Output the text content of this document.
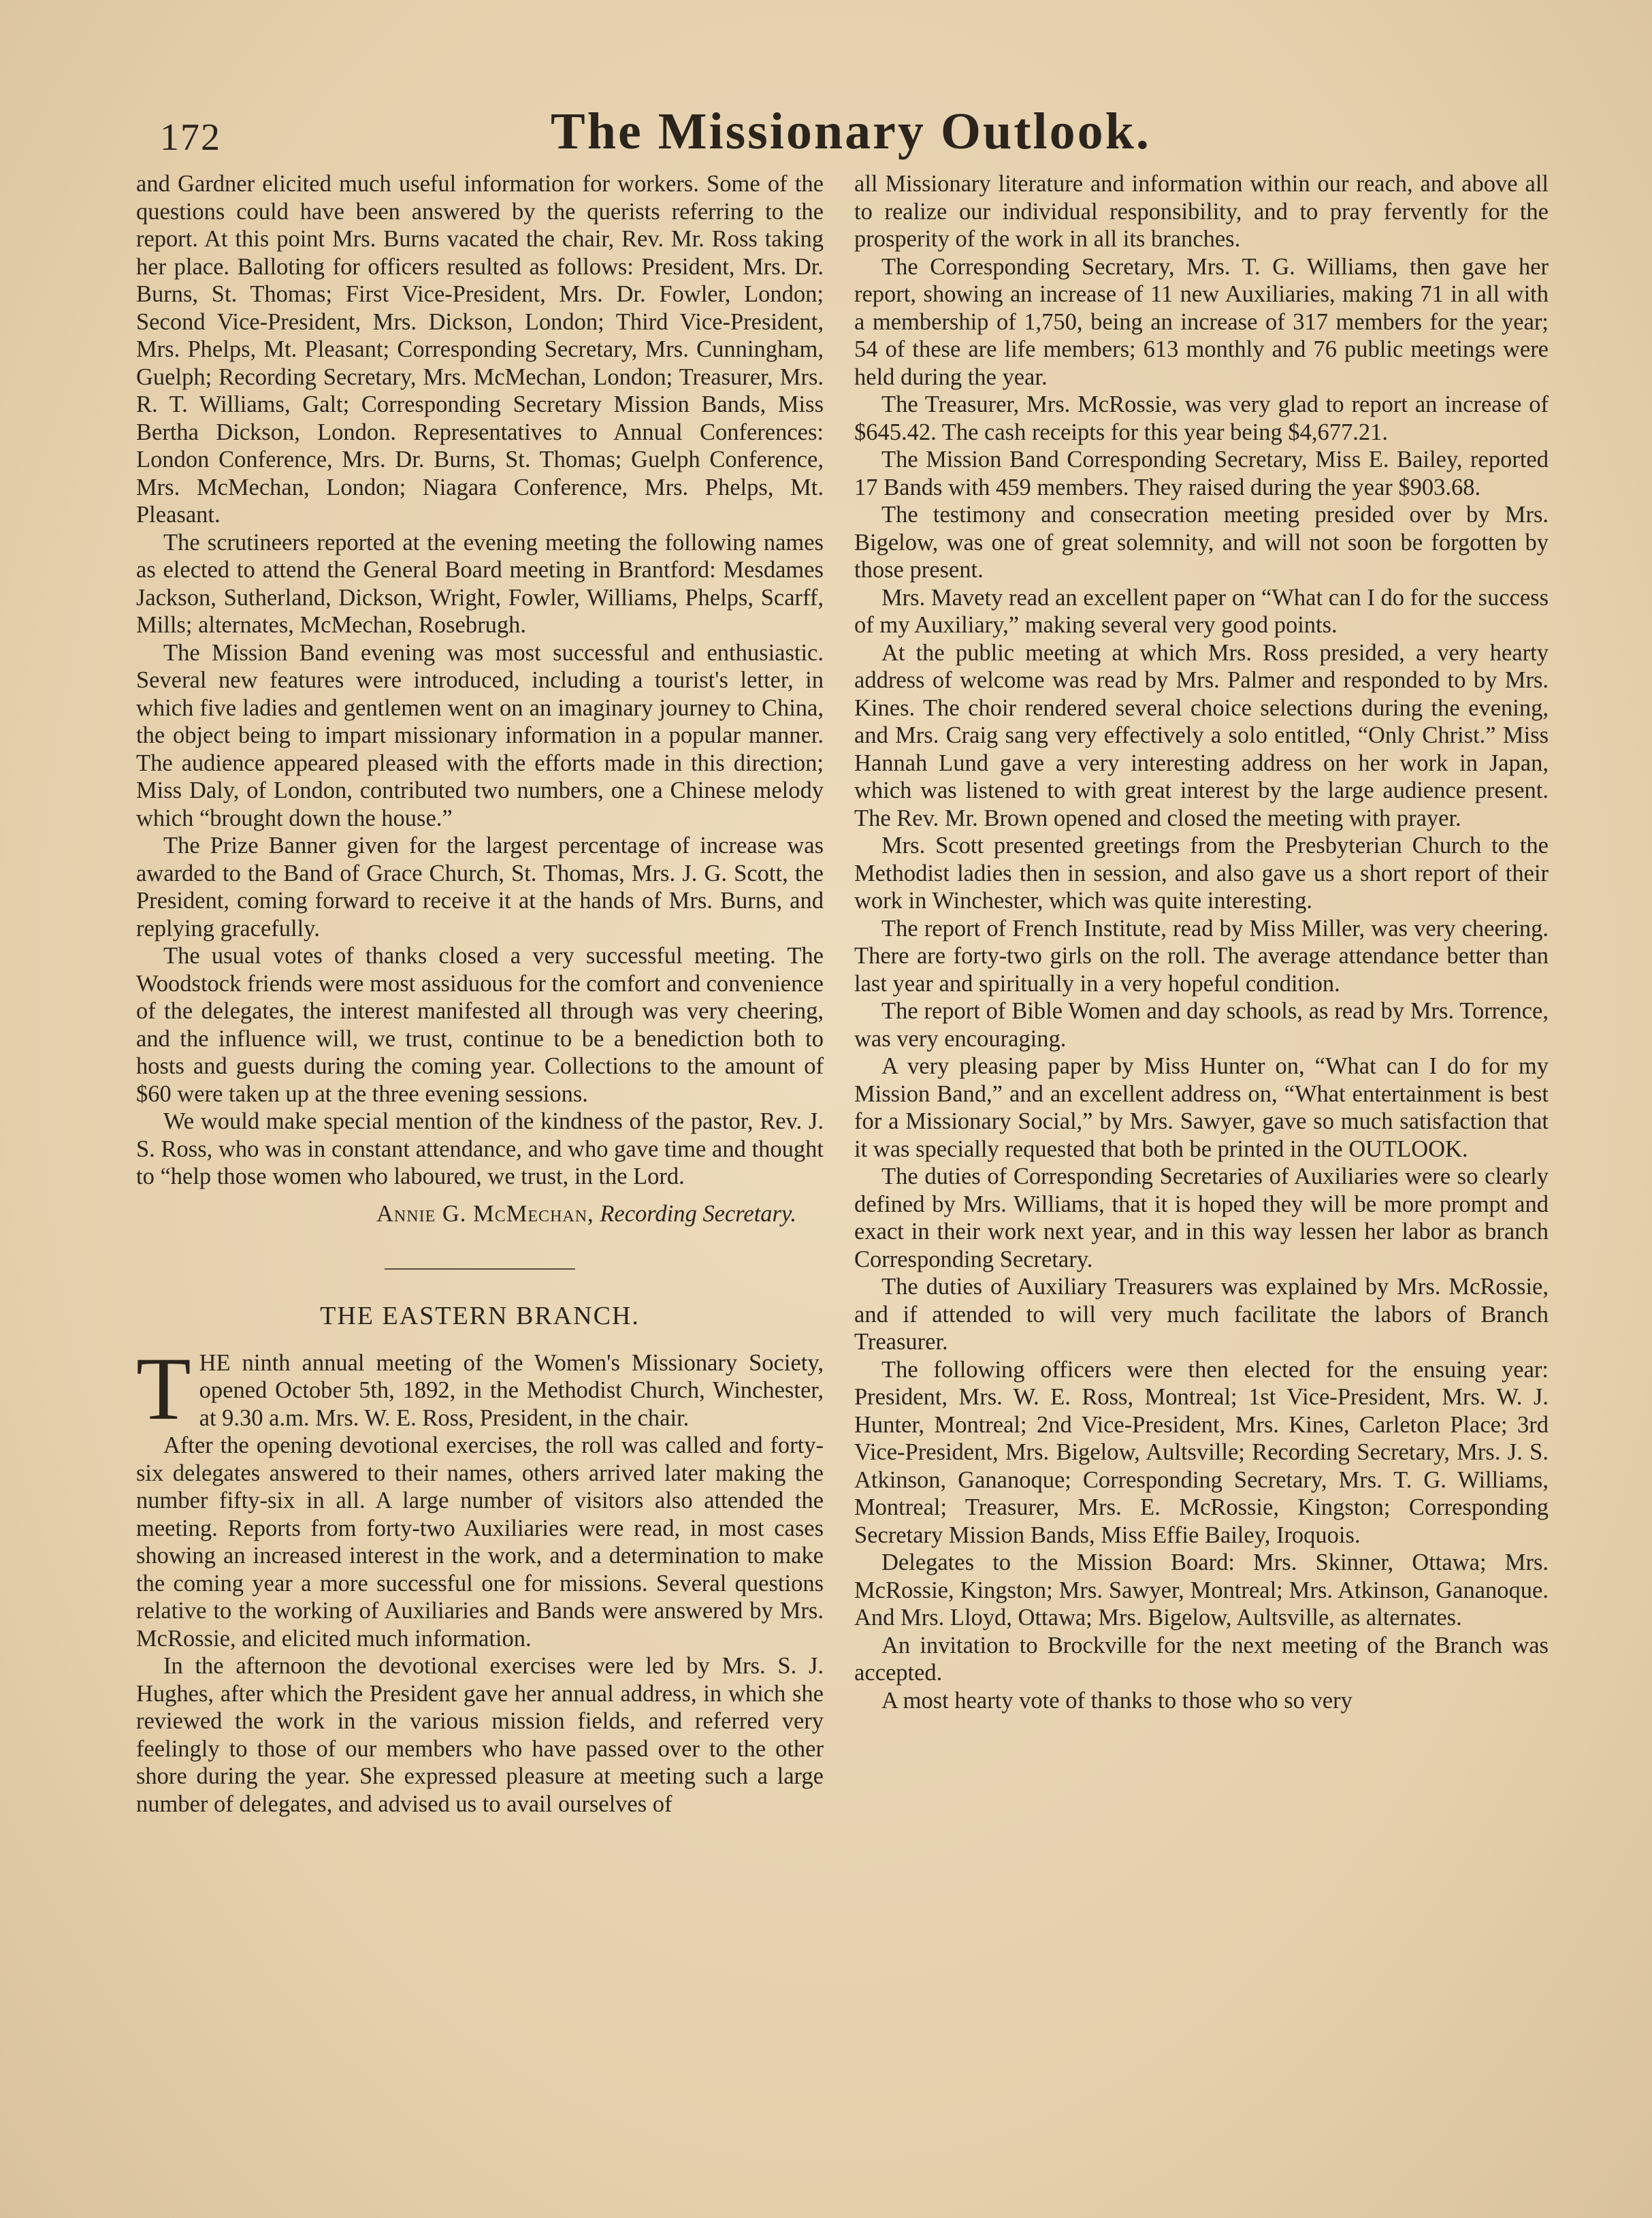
172	The Missionary Outlook.

and Gardner elicited much useful information for workers. Some of the questions could have been answered by the querists referring to the report. At this point Mrs. Burns vacated the chair, Rev. Mr. Ross taking her place. Balloting for officers resulted as follows: President, Mrs. Dr. Burns, St. Thomas; First Vice-President, Mrs. Dr. Fowler, London; Second Vice-President, Mrs. Dickson, London; Third Vice-President, Mrs. Phelps, Mt. Pleasant; Corresponding Secretary, Mrs. Cunningham, Guelph; Recording Secretary, Mrs. McMechan, London; Treasurer, Mrs. R. T. Williams, Galt; Corresponding Secretary Mission Bands, Miss Bertha Dickson, London. Representatives to Annual Conferences: London Conference, Mrs. Dr. Burns, St. Thomas; Guelph Conference, Mrs. McMechan, London; Niagara Conference, Mrs. Phelps, Mt. Pleasant.

The scrutineers reported at the evening meeting the following names as elected to attend the General Board meeting in Brantford: Mesdames Jackson, Sutherland, Dickson, Wright, Fowler, Williams, Phelps, Scarff, Mills; alternates, McMechan, Rosebrugh.

The Mission Band evening was most successful and enthusiastic. Several new features were introduced, including a tourist's letter, in which five ladies and gentlemen went on an imaginary journey to China, the object being to impart missionary information in a popular manner. The audience appeared pleased with the efforts made in this direction; Miss Daly, of London, contributed two numbers, one a Chinese melody which “brought down the house.”

The Prize Banner given for the largest percentage of increase was awarded to the Band of Grace Church, St. Thomas, Mrs. J. G. Scott, the President, coming forward to receive it at the hands of Mrs. Burns, and replying gracefully.

The usual votes of thanks closed a very successful meeting. The Woodstock friends were most assiduous for the comfort and convenience of the delegates, the interest manifested all through was very cheering, and the influence will, we trust, continue to be a benediction both to hosts and guests during the coming year. Collections to the amount of $60 were taken up at the three evening sessions.

We would make special mention of the kindness of the pastor, Rev. J. S. Ross, who was in constant attendance, and who gave time and thought to “help those women who laboured, we trust, in the Lord.

Annie G. McMechan, Recording Secretary.

THE EASTERN BRANCH.

THE ninth annual meeting of the Women's Missionary Society, opened October 5th, 1892, in the Methodist Church, Winchester, at 9.30 a.m. Mrs. W. E. Ross, President, in the chair.

After the opening devotional exercises, the roll was called and forty-six delegates answered to their names, others arrived later making the number fifty-six in all. A large number of visitors also attended the meeting. Reports from forty-two Auxiliaries were read, in most cases showing an increased interest in the work, and a determination to make the coming year a more successful one for missions. Several questions relative to the working of Auxiliaries and Bands were answered by Mrs. McRossie, and elicited much information.

In the afternoon the devotional exercises were led by Mrs. S. J. Hughes, after which the President gave her annual address, in which she reviewed the work in the various mission fields, and referred very feelingly to those of our members who have passed over to the other shore during the year. She expressed pleasure at meeting such a large number of delegates, and advised us to avail ourselves of

all Missionary literature and information within our reach, and above all to realize our individual responsibility, and to pray fervently for the prosperity of the work in all its branches.

The Corresponding Secretary, Mrs. T. G. Williams, then gave her report, showing an increase of 11 new Auxiliaries, making 71 in all with a membership of 1,750, being an increase of 317 members for the year; 54 of these are life members; 613 monthly and 76 public meetings were held during the year.

The Treasurer, Mrs. McRossie, was very glad to report an increase of $645.42. The cash receipts for this year being $4,677.21.

The Mission Band Corresponding Secretary, Miss E. Bailey, reported 17 Bands with 459 members. They raised during the year $903.68.

The testimony and consecration meeting presided over by Mrs. Bigelow, was one of great solemnity, and will not soon be forgotten by those present.

Mrs. Mavety read an excellent paper on “What can I do for the success of my Auxiliary,” making several very good points.

At the public meeting at which Mrs. Ross presided, a very hearty address of welcome was read by Mrs. Palmer and responded to by Mrs. Kines. The choir rendered several choice selections during the evening, and Mrs. Craig sang very effectively a solo entitled, “Only Christ.” Miss Hannah Lund gave a very interesting address on her work in Japan, which was listened to with great interest by the large audience present. The Rev. Mr. Brown opened and closed the meeting with prayer.

Mrs. Scott presented greetings from the Presbyterian Church to the Methodist ladies then in session, and also gave us a short report of their work in Winchester, which was quite interesting.

The report of French Institute, read by Miss Miller, was very cheering. There are forty-two girls on the roll. The average attendance better than last year and spiritually in a very hopeful condition.

The report of Bible Women and day schools, as read by Mrs. Torrence, was very encouraging.

A very pleasing paper by Miss Hunter on, “What can I do for my Mission Band,” and an excellent address on, “What entertainment is best for a Missionary Social,” by Mrs. Sawyer, gave so much satisfaction that it was specially requested that both be printed in the OUTLOOK.

The duties of Corresponding Secretaries of Auxiliaries were so clearly defined by Mrs. Williams, that it is hoped they will be more prompt and exact in their work next year, and in this way lessen her labor as branch Corresponding Secretary.

The duties of Auxiliary Treasurers was explained by Mrs. McRossie, and if attended to will very much facilitate the labors of Branch Treasurer.

The following officers were then elected for the ensuing year: President, Mrs. W. E. Ross, Montreal; 1st Vice-President, Mrs. W. J. Hunter, Montreal; 2nd Vice-President, Mrs. Kines, Carleton Place; 3rd Vice-President, Mrs. Bigelow, Aultsville; Recording Secretary, Mrs. J. S. Atkinson, Gananoque; Corresponding Secretary, Mrs. T. G. Williams, Montreal; Treasurer, Mrs. E. McRossie, Kingston; Corresponding Secretary Mission Bands, Miss Effie Bailey, Iroquois.

Delegates to the Mission Board: Mrs. Skinner, Ottawa; Mrs. McRossie, Kingston; Mrs. Sawyer, Montreal; Mrs. Atkinson, Gananoque. And Mrs. Lloyd, Ottawa; Mrs. Bigelow, Aultsville, as alternates.

An invitation to Brockville for the next meeting of the Branch was accepted.

A most hearty vote of thanks to those who so very
